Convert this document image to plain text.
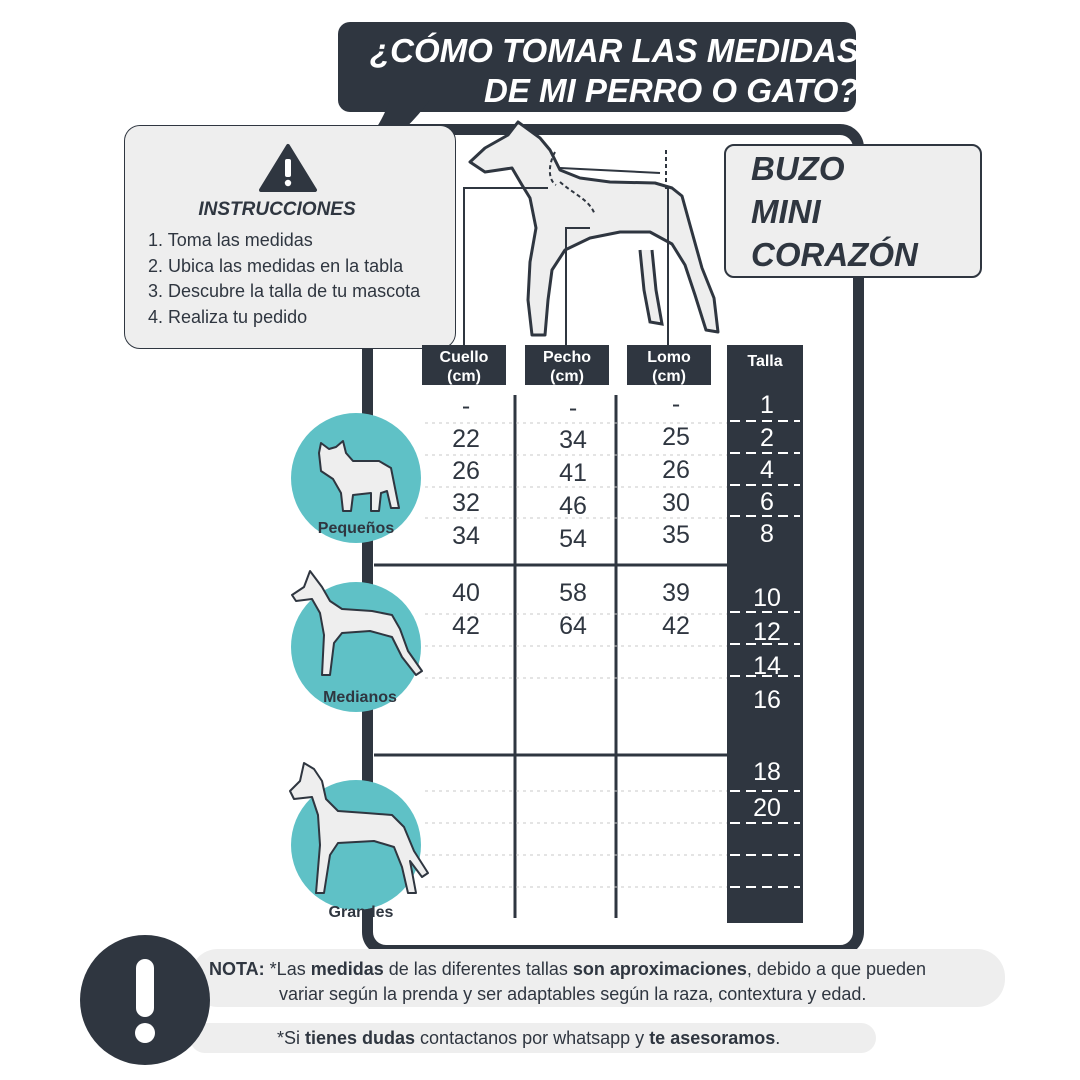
¿CÓMO TOMAR LAS MEDIDAS
DE MI PERRO O GATO?
INSTRUCCIONES
1. Toma las medidas
2. Ubica las medidas en la tabla
3. Descubre la talla de tu mascota
4. Realiza tu pedido
BUZO
MINI
CORAZÓN
Cuello
(cm)
Pecho
(cm)
Lomo
(cm)
Talla
-
22
26
32
34
40
42
-
34
41
46
54
58
64
-
25
26
30
35
39
42
1
2
4
6
8
10
12
14
16
18
20
Pequeños
Medianos
Grandes
NOTA: *Las medidas de las diferentes tallas son aproximaciones, debido a que pueden
variar según la prenda y ser adaptables según la raza, contextura y edad.
*Si tienes dudas contactanos por whatsapp y te asesoramos.
